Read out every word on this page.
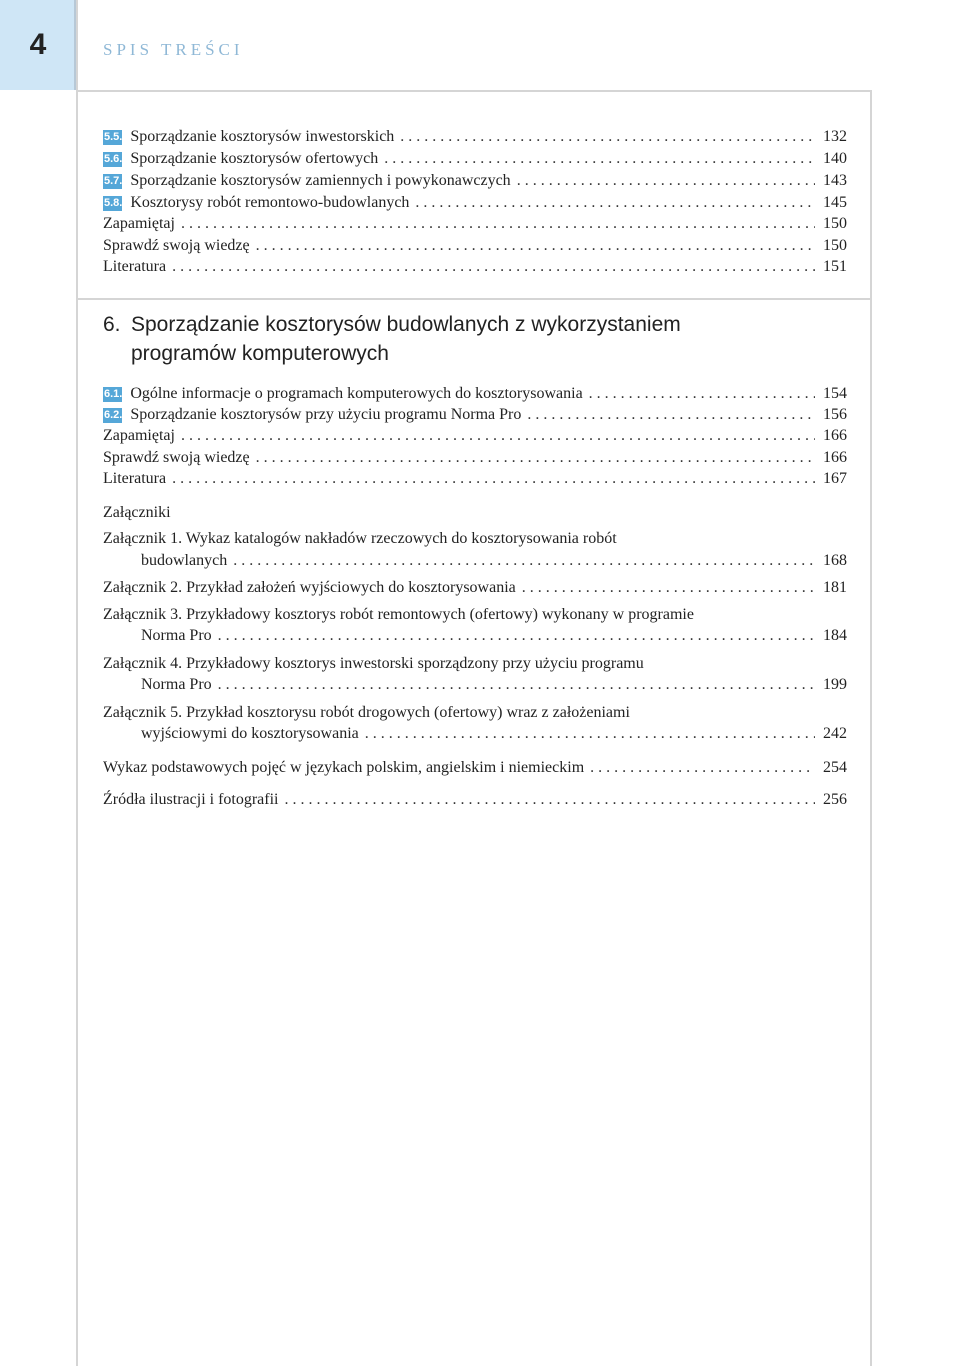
4	SPIS TREŚCI
5.5. Sporządzanie kosztorysów inwestorskich . . .	132
5.6. Sporządzanie kosztorysów ofertowych . . .	140
5.7. Sporządzanie kosztorysów zamiennych i powykonawczych . . .	143
5.8. Kosztorysy robót remontowo-budowlanych . . .	145
Zapamiętaj . . .	150
Sprawdź swoją wiedzę . . .	150
Literatura . . .	151
6. Sporządzanie kosztorysów budowlanych z wykorzystaniem
programów komputerowych
6.1. Ogólne informacje o programach komputerowych do kosztorysowania . . .	154
6.2. Sporządzanie kosztorysów przy użyciu programu Norma Pro . . .	156
Zapamiętaj . . .	166
Sprawdź swoją wiedzę . . .	166
Literatura . . .	167
Załączniki
Załącznik 1. Wykaz katalogów nakładów rzeczowych do kosztorysowania robót
budowlanych . . .	168
Załącznik 2. Przykład założeń wyjściowych do kosztorysowania . . .	181
Załącznik 3. Przykładowy kosztorys robót remontowych (ofertowy) wykonany w programie
Norma Pro . . .	184
Załącznik 4. Przykładowy kosztorys inwestorski sporządzony przy użyciu programu
Norma Pro . . .	199
Załącznik 5. Przykład kosztorysu robót drogowych (ofertowy) wraz z założeniami
wyjściowymi do kosztorysowania . . .	242
Wykaz podstawowych pojęć w językach polskim, angielskim i niemieckim . . .	254
Źródła ilustracji i fotografii . . .	256
